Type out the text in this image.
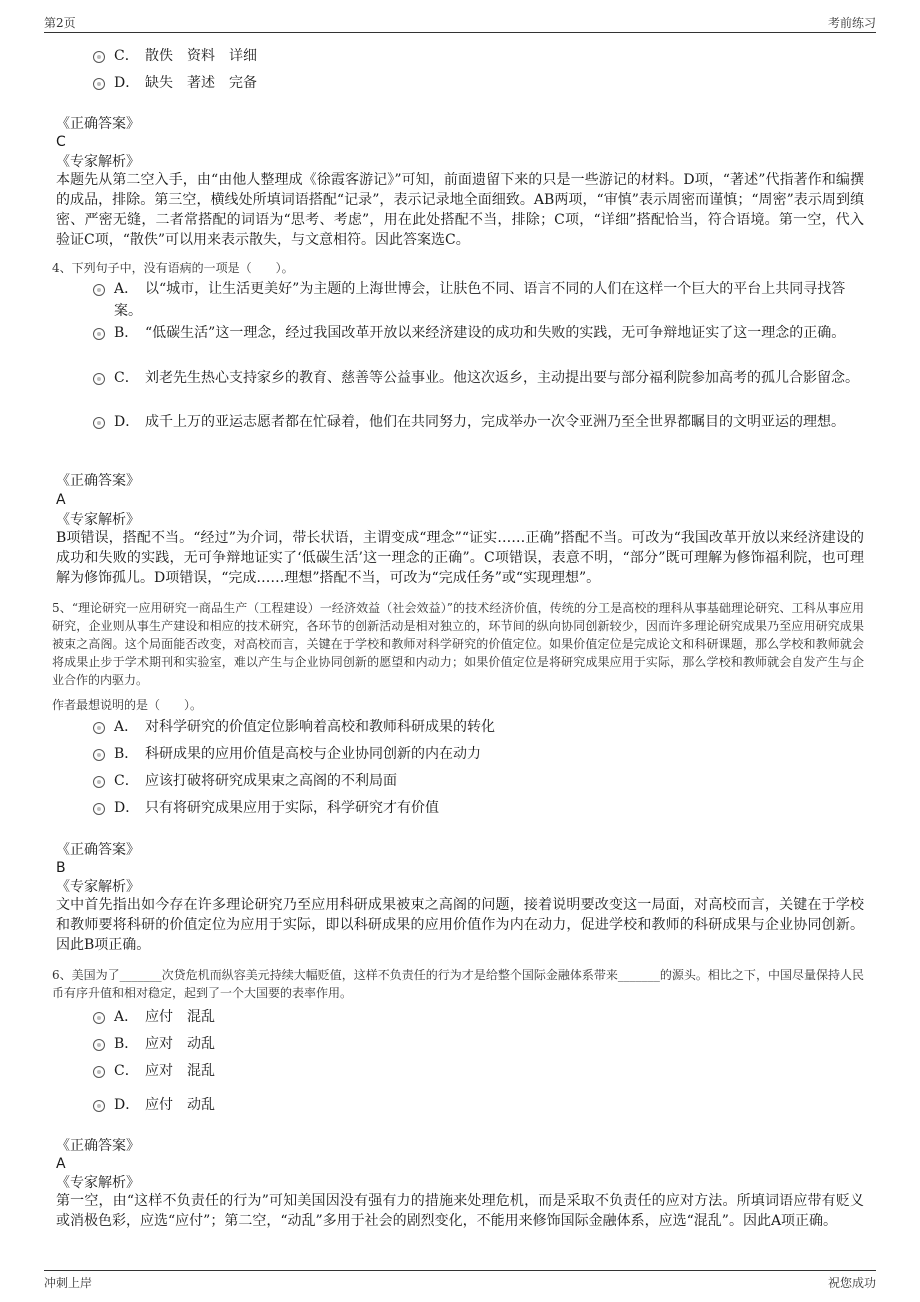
第2页	考前练习
C． 散佚 资料 详细
D． 缺失 著述 完备
《正确答案》
C
《专家解析》
本题先从第二空入手，由“由他人整理成《徐霞客游记》”可知，前面遗留下来的只是一些游记的材料。D项，“著述”代指著作和编撰的成品，排除。第三空，横线处所填词语搭配“记录”，表示记录地全面细致。AB两项，“审慎”表示周密而谨慎；“周密”表示周到缜密、严密无缝，二者常搭配的词语为“思考、考虑”，用在此处搭配不当，排除；C项，“详细”搭配恰当，符合语境。第一空，代入验证C项，“散佚”可以用来表示散失，与文意相符。因此答案选C。
4、下列句子中，没有语病的一项是（　　）。
A． 以“城市，让生活更美好”为主题的上海世博会，让肤色不同、语言不同的人们在这样一个巨大的平台上共同寻找答案。
B． “低碳生活”这一理念，经过我国改革开放以来经济建设的成功和失败的实践，无可争辩地证实了这一理念的正确。
C． 刘老先生热心支持家乡的教育、慈善等公益事业。他这次返乡，主动提出要与部分福利院参加高考的孤儿合影留念。
D． 成千上万的亚运志愿者都在忙碌着，他们在共同努力，完成举办一次令亚洲乃至全世界都瞩目的文明亚运的理想。
《正确答案》
A
《专家解析》
B项错误，搭配不当。“经过”为介词，带长状语，主谓变成“理念”“证实……正确”搭配不当。可改为“我国改革开放以来经济建设的成功和失败的实践，无可争辩地证实了‘低碳生活’这一理念的正确”。C项错误，表意不明，“部分”既可理解为修饰福利院，也可理解为修饰孤儿。D项错误，“完成……理想”搭配不当，可改为“完成任务”或“实现理想”。
5、“理论研究一应用研究一商品生产（工程建设）一经济效益（社会效益）”的技术经济价值，传统的分工是高校的理科从事基础理论研究、工科从事应用研究，企业则从事生产建设和相应的技术研究，各环节的创新活动是相对独立的，环节间的纵向协同创新较少，因而许多理论研究成果乃至应用研究成果被束之高阁。这个局面能否改变，对高校而言，关键在于学校和教师对科学研究的价值定位。如果价值定位是完成论文和科研课题，那么学校和教师就会将成果止步于学术期刊和实验室，难以产生与企业协同创新的愿望和内动力；如果价值定位是将研究成果应用于实际，那么学校和教师就会自发产生与企业合作的内驱力。
作者最想说明的是（　　）。
A． 对科学研究的价值定位影响着高校和教师科研成果的转化
B． 科研成果的应用价值是高校与企业协同创新的内在动力
C． 应该打破将研究成果束之高阁的不利局面
D． 只有将研究成果应用于实际，科学研究才有价值
《正确答案》
B
《专家解析》
文中首先指出如今存在许多理论研究乃至应用科研成果被束之高阁的问题，接着说明要改变这一局面，对高校而言，关键在于学校和教师要将科研的价值定位为应用于实际，即以科研成果的应用价值作为内在动力，促进学校和教师的科研成果与企业协同创新。因此B项正确。
6、美国为了_______次贷危机而纵容美元持续大幅贬值，这样不负责任的行为才是给整个国际金融体系带来_______的源头。相比之下，中国尽量保持人民币有序升值和相对稳定，起到了一个大国要的表率作用。
A． 应付 混乱
B． 应对 动乱
C． 应对 混乱
D． 应付 动乱
《正确答案》
A
《专家解析》
第一空，由“这样不负责任的行为”可知美国因没有强有力的措施来处理危机，而是采取不负责任的应对方法。所填词语应带有贬义或消极色彩，应选“应付”；第二空，“动乱”多用于社会的剧烈变化，不能用来修饰国际金融体系，应选“混乱”。因此A项正确。
冲刺上岸	祝您成功
